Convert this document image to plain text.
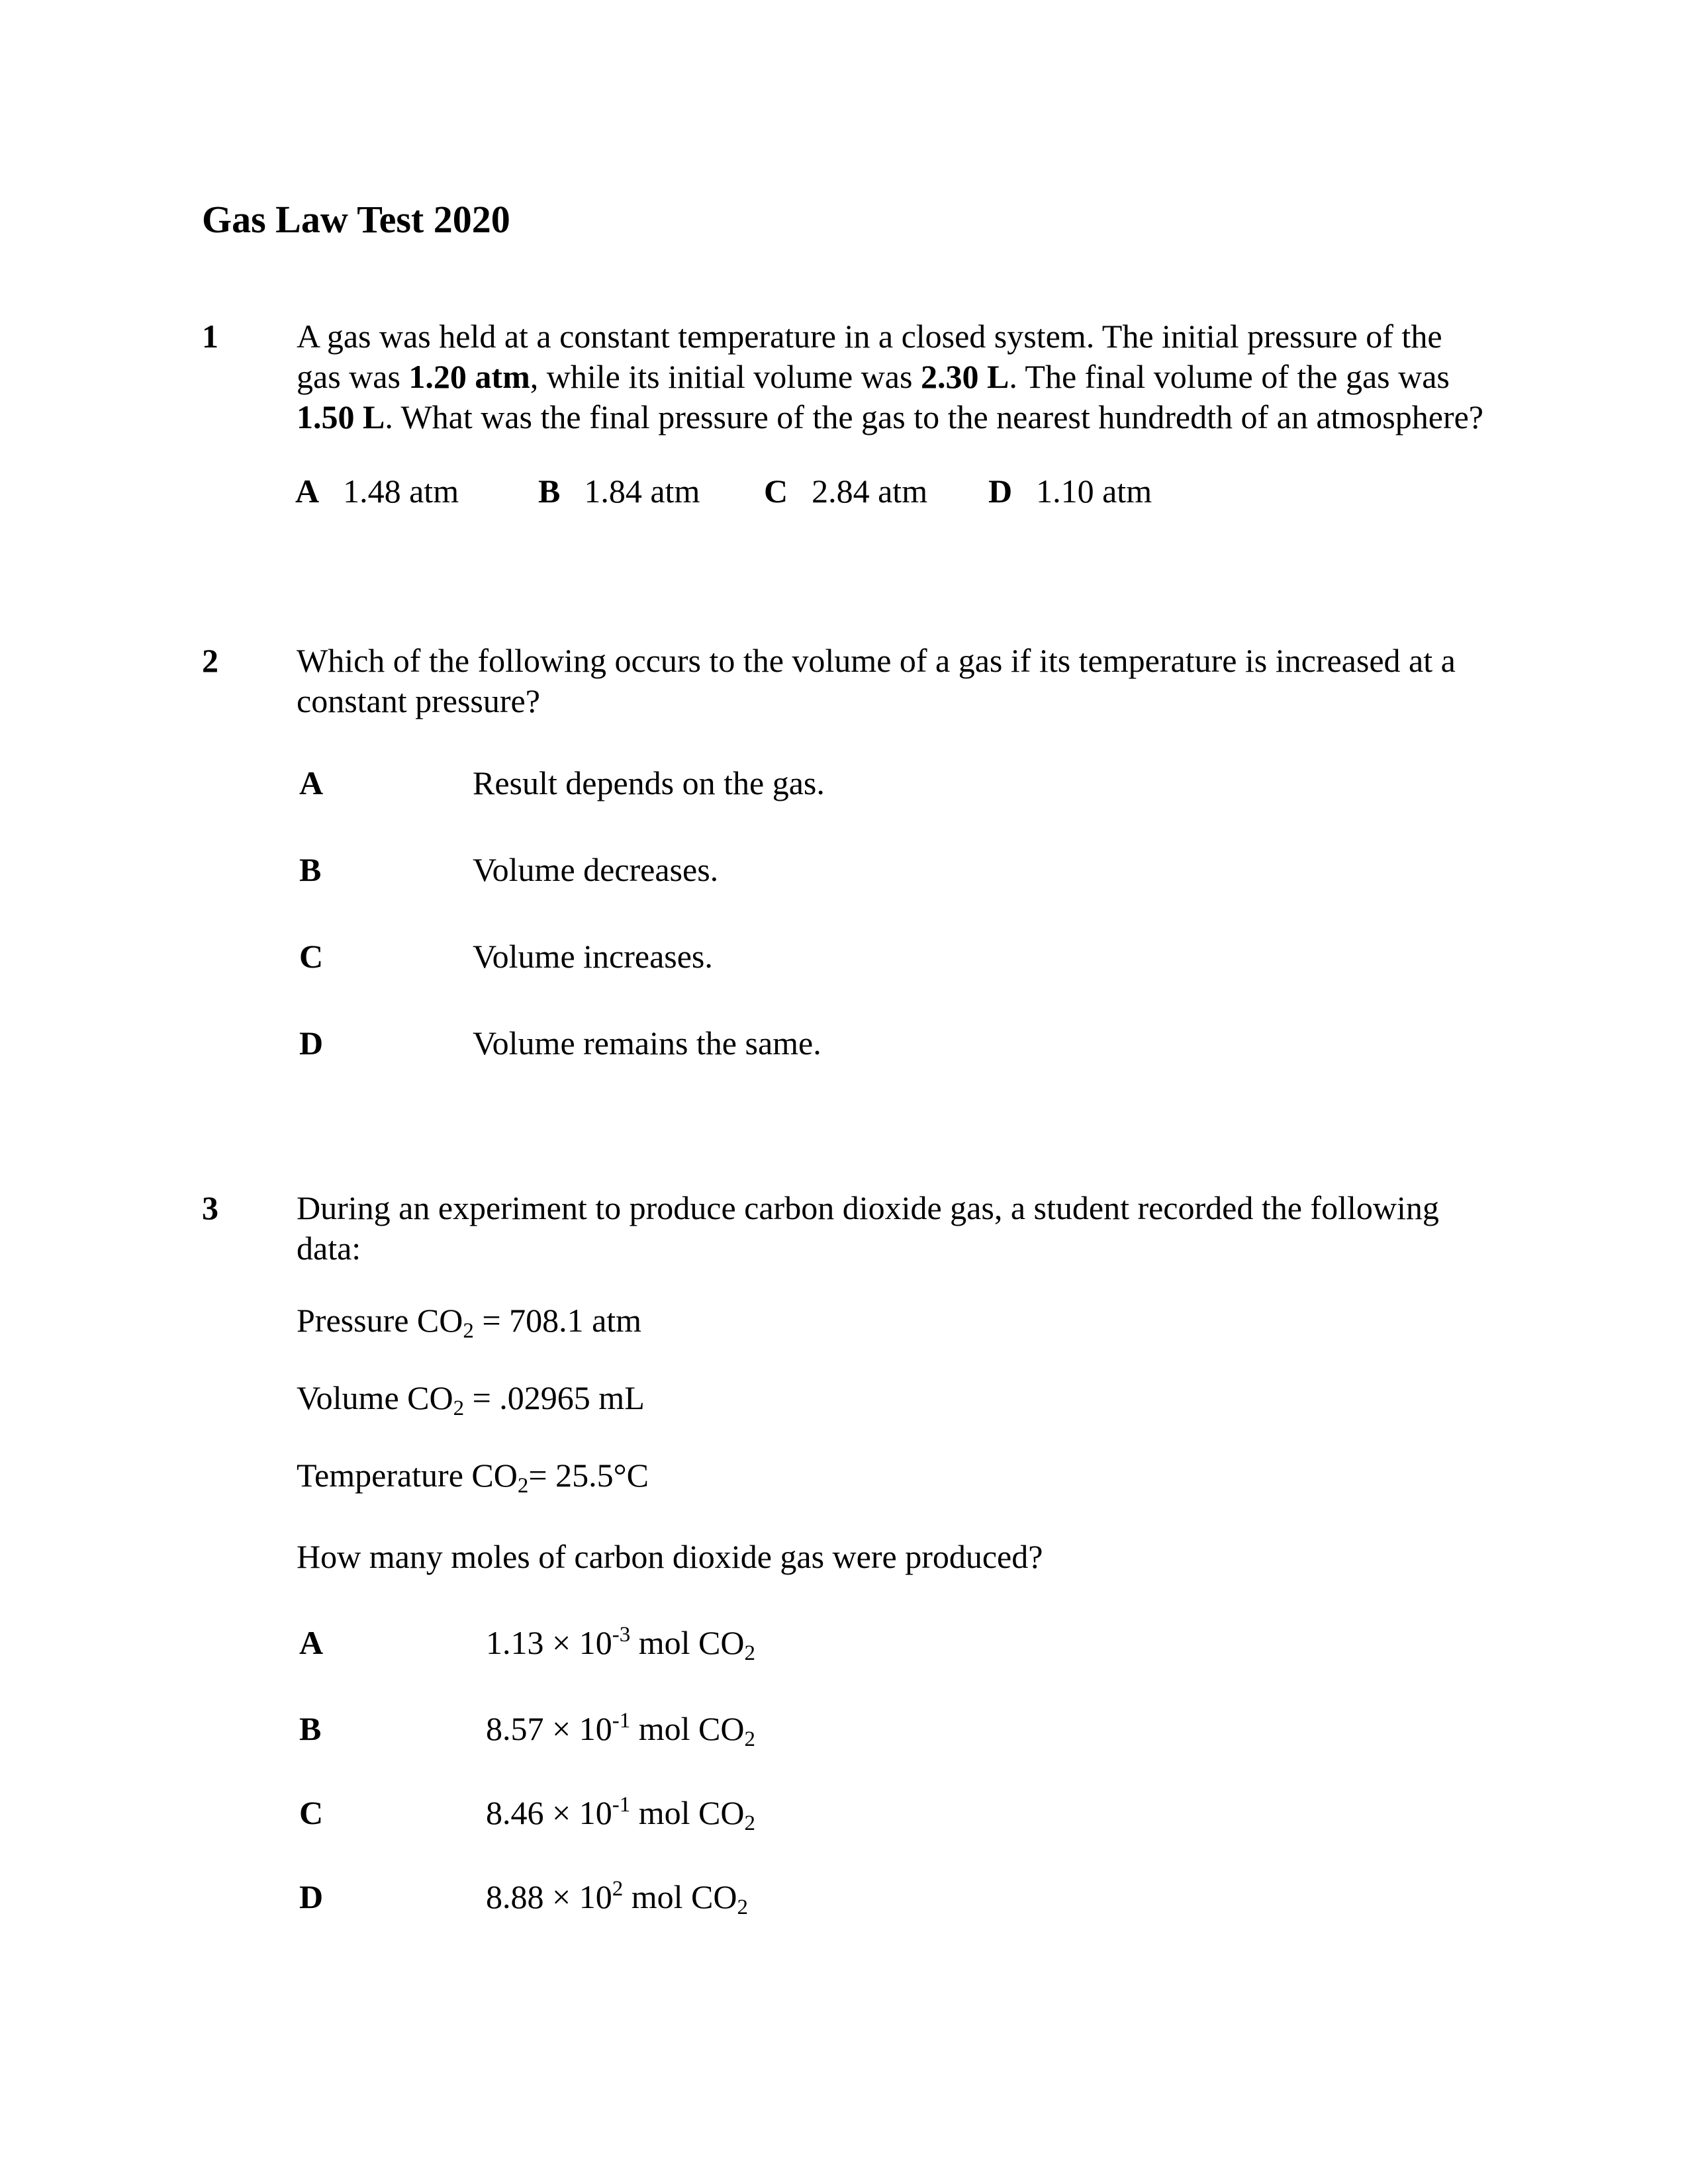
Gas Law Test 2020
1 A gas was held at a constant temperature in a closed system. The initial pressure of the
gas was 1.20 atm, while its initial volume was 2.30 L. The final volume of the gas was
1.50 L. What was the final pressure of the gas to the nearest hundredth of an atmosphere?
A 1.48 atm B 1.84 atm C 2.84 atm D 1.10 atm
2 Which of the following occurs to the volume of a gas if its temperature is increased at a
constant pressure?
A	Result depends on the gas.
B	Volume decreases.
C	Volume increases.
D	Volume remains the same.
3 During an experiment to produce carbon dioxide gas, a student recorded the following
data:
Pressure CO2 = 708.1 atm
Volume CO2 = .02965 mL
Temperature CO2= 25.5°C
How many moles of carbon dioxide gas were produced?
A	$1.13 \times 10^{-3}$ mol CO2
B	$8.57 \times 10^{-1}$ mol CO2
C	$8.46 \times 10^{-1}$ mol CO2
D	$8.88 \times 10^2$ mol CO2
